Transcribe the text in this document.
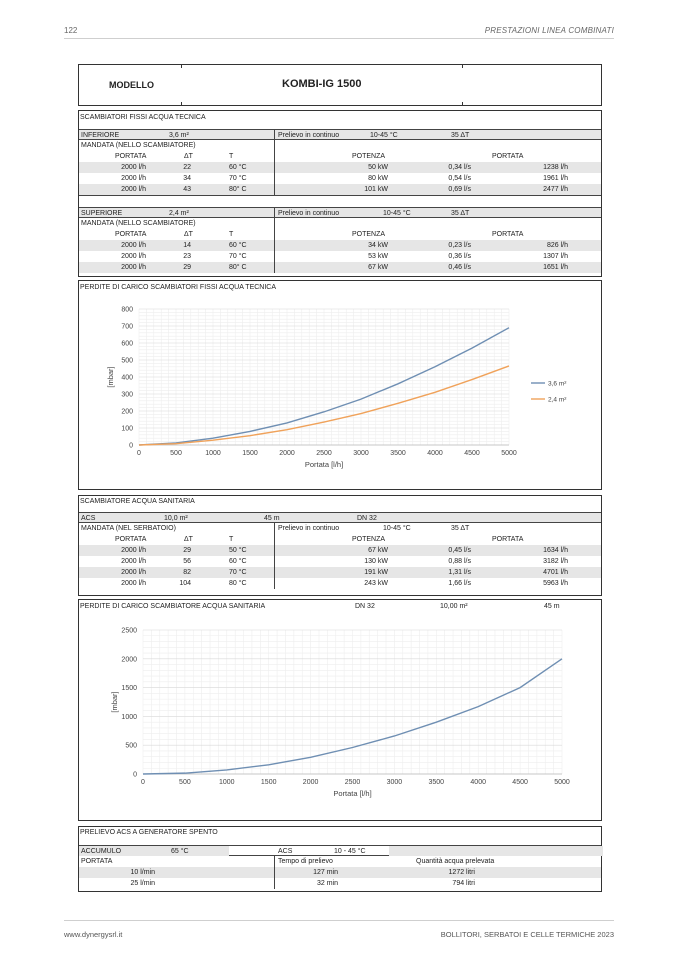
122	PRESTAZIONI LINEA COMBINATI
MODELLO	KOMBI-IG 1500
SCAMBIATORI FISSI ACQUA TECNICA
INFERIORE	3,6 m²	Prelievo in continuo	10-45 °C	35 ΔT
MANDATA (NELLO SCAMBIATORE)
PORTATA	ΔT	T	POTENZA	PORTATA
2000 l/h	22	60 °C	50 kW	0,34 l/s	1238 l/h
2000 l/h	34	70 °C	80 kW	0,54 l/s	1961 l/h
2000 l/h	43	80° C	101 kW	0,69 l/s	2477 l/h
SUPERIORE	2,4 m²	Prelievo in continuo	10-45 °C	35 ΔT
MANDATA (NELLO SCAMBIATORE)
PORTATA	ΔT	T	POTENZA	PORTATA
2000 l/h	14	60 °C	34 kW	0,23 l/s	826 l/h
2000 l/h	23	70 °C	53 kW	0,36 l/s	1307 l/h
2000 l/h	29	80° C	67 kW	0,46 l/s	1651 l/h
PERDITE DI CARICO SCAMBIATORI FISSI ACQUA TECNICA
0	500	1000	1500	2000	2500	3000	3500	4000	4500	5000
0
100
200
300
400
500
600
700
800
Portata [l/h]
[mbar]	3,6 m²
2,4 m²
SCAMBIATORE ACQUA SANITARIA
ACS	10,0 m²	45 m	DN 32
MANDATA (NEL SERBATOIO)	Prelievo in continuo	10-45 °C	35 ΔT
PORTATA	ΔT	T	POTENZA	PORTATA
2000 l/h	29	50 °C	67 kW	0,45 l/s	1634 l/h
2000 l/h	56	60 °C	130 kW	0,88 l/s	3182 l/h
2000 l/h	82	70 °C	191 kW	1,31 l/s	4701 l/h
2000 l/h	104	80 °C	243 kW	1,66 l/s	5963 l/h
PERDITE DI CARICO SCAMBIATORE ACQUA SANITARIA	DN 32	10,00 m²	45 m
0	500	1000	1500	2000	2500	3000	3500	4000	4500	5000
0
500
1000
1500
2000
2500
Portata [l/h]
[mbar]
PRELIEVO ACS A GENERATORE SPENTO
ACCUMULO	65 °C	ACS	10 - 45 °C
PORTATA	Tempo di prelievo	Quantità acqua prelevata
10 l/min	127 min	1272 litri
25 l/min	32 min	794 litri
www.dynergysrl.it	BOLLITORI, SERBATOI E CELLE TERMICHE 2023
